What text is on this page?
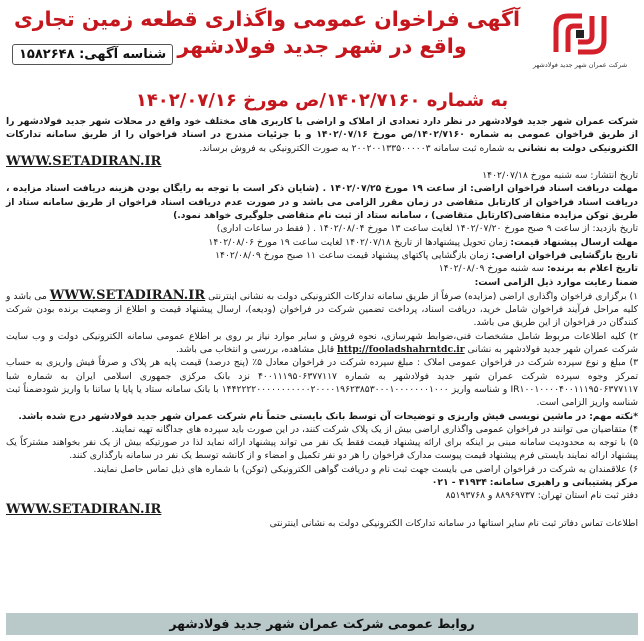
شرکت عمران شهر جدید فولادشهر
آگهی فراخوان عمومی واگذاری قطعه زمین تجاری
واقع در شهر جدید فولادشهر
شناسه آگهی: ۱۵۸۲۶۴۸
به شماره ۱۴۰۲/۷۱۶۰/ص مورخ ۱۴۰۲/۰۷/۱۶

شرکت عمران شهر جدید فولادشهر در نظر دارد تعدادی از املاک و اراضی با کاربری های مختلف خود واقع در محلات شهر جدید فولادشهر را از طریق فراخوان عمومی به شماره ۱۴۰۲/۷۱۶۰/ص مورخ ۱۴۰۲/۰۷/۱۶ و با جزئیات مندرج در اسناد فراخوان را از طریق سامانه تدارکات الکترونیکی دولت به نشانی به شماره ثبت سامانه ۲۰۰۲۰۰۱۳۳۵۰۰۰۰۰۳ به صورت الکترونیکی به فروش برساند.

WWW.SETADIRAN.IR

تاریخ انتشار: سه شنبه مورخ ۱۴۰۲/۰۷/۱۸

مهلت دریافت اسناد فراخوان اراضی: از ساعت ۱۹ مورخ ۱۴۰۲/۰۷/۲۵ . (شایان ذکر است با توجه به رایگان بودن هزینه دریافت اسناد مزایده ، دریافت اسناد فراخوان از کارتابل متقاضی در زمان مقرر الزامی می باشد و در صورت عدم دریافت اسناد فراخوان از طریق سامانه ستاد از طریق توکن مزایده متقاضی(کارتابل متقاضی) ، سامانه ستاد از ثبت نام متقاضی جلوگیری خواهد نمود.)

تاریخ بازدید: از ساعت ۹ صبح مورخ ۱۴۰۲/۰۷/۲۰ لغایت ساعت ۱۳ مورخ ۱۴۰۲/۰۸/۰۴ . ( فقط در ساعات اداری)

مهلت ارسال پیشنهاد قیمت: زمان تحویل پیشنهادها از تاریخ ۱۴۰۲/۰۷/۱۸ لغایت ساعت ۱۹ مورخ ۱۴۰۲/۰۸/۰۶

تاریخ بازگشایی فراخوان اراضی: زمان بازگشایی پاکتهای پیشنهاد قیمت ساعت ۱۱ صبح مورخ ۱۴۰۲/۰۸/۰۹

تاریخ اعلام به برنده: سه شنبه مورخ ۱۴۰۲/۰۸/۰۹

ضمنا رعایت موارد ذیل الزامی است:

۱) برگزاری فراخوان واگذاری اراضی (مزایده) صرفاً از طریق سامانه تدارکات الکترونیکی دولت به نشانی اینترنتی WWW.SETADIRAN.IR می باشد و کلیه مراحل فرآیند فراخوان شامل خرید، دریافت اسناد، پرداخت تضمین شرکت در فراخوان (ودیعه)، ارسال پیشنهاد قیمت و اطلاع از وضعیت برنده بودن شرکت کنندگان در فراخوان از این طریق می باشد.

۲) کلیه اطلاعات مربوط شامل مشخصات فنی،ضوابط شهرسازی، نحوه فروش و سایر موارد نیاز بر روی بر اطلاع عمومی سامانه الکترونیکی دولت و وب سایت شرکت عمران شهر جدید فولادشهر به نشانی http://fooladshahrntdc.ir قابل مشاهده، بررسی و انتخاب می باشد.

۳) مبلغ و نوع سپرده شرکت در فراخوان عمومی املاک : مبلغ سپرده شرکت در فراخوان معادل ۵٪ (پنج درصد) قیمت پایه هر پلاک و صرفاً فیش واریزی به حساب تمرکز وجوه سپرده شرکت عمران شهر جدید فولادشهر به شماره ۴۰۰۱۱۱۹۵۰۶۳۷۷۱۱۷ نزد بانک مرکزی جمهوری اسلامی ایران به شماره شبا IR۱۰۰۱۰۰۰۰۴۰۰۱۱۱۹۵۰۶۳۷۷۱۱۷ و شناسه واریز ۱۴۴۲۲۲۲۰۰۰۰۰۰۰۰۰۰۰۲۰۰۰۰۱۹۶۲۳۸۵۳۰۰۰۱۰۰۰۰۰۰۰۱۰۰۰ با بانک سامانه ستاد یا پایا یا ساتنا با واریز شودضمناً ثبت شناسه واریز الزامی است.

*نکته مهم: در ماشین نویسی فیش واریزی و توضیحات آن توسط بانک بایستی حتماً نام شرکت عمران شهر جدید فولادشهر درج شده باشد.

۴) متقاضیان می توانند در فراخوان عمومی واگذاری اراضی بیش از یک پلاک شرکت کنند، در این صورت باید سپرده های جداگانه تهیه نمایند.

۵) با توجه به محدودیت سامانه مبنی بر اینکه برای ارائه پیشنهاد قیمت فقط یک نفر می تواند پیشنهاد ارائه نماید لذا در صورتیکه بیش از یک نفر بخواهند مشترکاً یک پیشنهاد ارائه نمایند بایستی فرم پیشنهاد قیمت پیوست مدارک فراخوان را هر دو نفر تکمیل و امضاء و از کانشه توسط یک نفر در سامانه بارگذاری کنند.

۶) علاقمندان به شرکت در فراخوان اراضی می بایست جهت ثبت نام و دریافت گواهی الکترونیکی (توکن) با شماره های ذیل تماس حاصل نمایند.

مرکز پشتیبانی و راهبری سامانه: ۴۱۹۳۴ - ۰۲۱

دفتر ثبت نام استان تهران: ۸۸۹۶۹۷۳۷ و ۸۵۱۹۳۷۶۸

WWW.SETADIRAN.IR

اطلاعات تماس دفاتر ثبت نام سایر استانها در سامانه تدارکات الکترونیکی دولت به نشانی اینترنتی

روابط عمومی شرکت عمران شهر جدید فولادشهر
